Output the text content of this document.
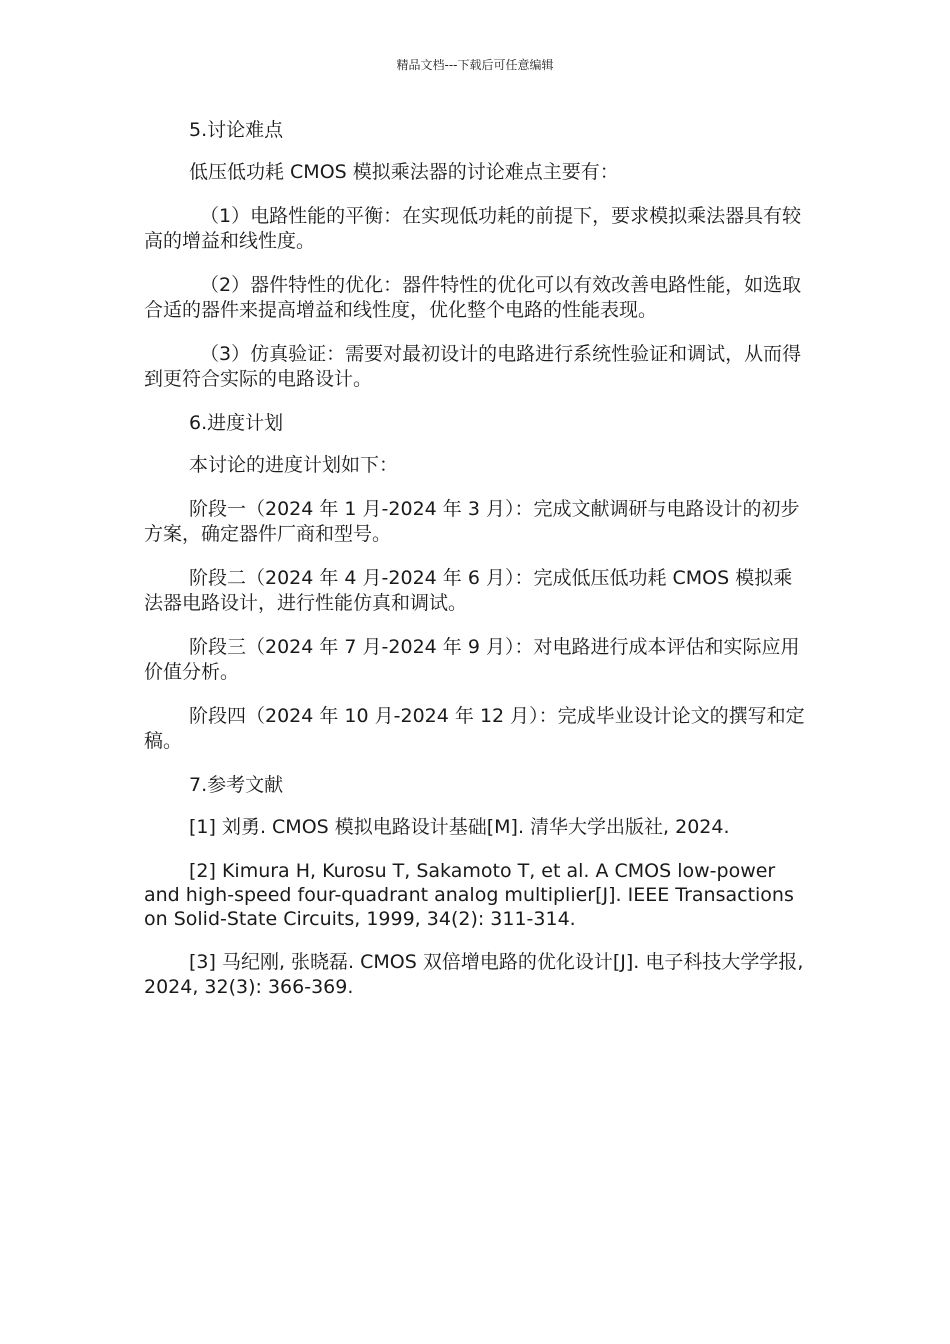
精品文档---下载后可任意编辑

5.讨论难点

低压低功耗 CMOS 模拟乘法器的讨论难点主要有：

（1）电路性能的平衡：在实现低功耗的前提下，要求模拟乘法器具有较高的增益和线性度。

（2）器件特性的优化：器件特性的优化可以有效改善电路性能，如选取合适的器件来提高增益和线性度，优化整个电路的性能表现。

（3）仿真验证：需要对最初设计的电路进行系统性验证和调试，从而得到更符合实际的电路设计。

6.进度计划

本讨论的进度计划如下：

阶段一（2024 年 1 月-2024 年 3 月）：完成文献调研与电路设计的初步方案，确定器件厂商和型号。

阶段二（2024 年 4 月-2024 年 6 月）：完成低压低功耗 CMOS 模拟乘法器电路设计，进行性能仿真和调试。

阶段三（2024 年 7 月-2024 年 9 月）：对电路进行成本评估和实际应用价值分析。

阶段四（2024 年 10 月-2024 年 12 月）：完成毕业设计论文的撰写和定稿。

7.参考文献

[1] 刘勇. CMOS 模拟电路设计基础[M]. 清华大学出版社, 2024.

[2] Kimura H, Kurosu T, Sakamoto T, et al. A CMOS low-power and high-speed four-quadrant analog multiplier[J]. IEEE Transactions on Solid-State Circuits, 1999, 34(2): 311-314.

[3] 马纪刚, 张晓磊. CMOS 双倍增电路的优化设计[J]. 电子科技大学学报, 2024, 32(3): 366-369.
